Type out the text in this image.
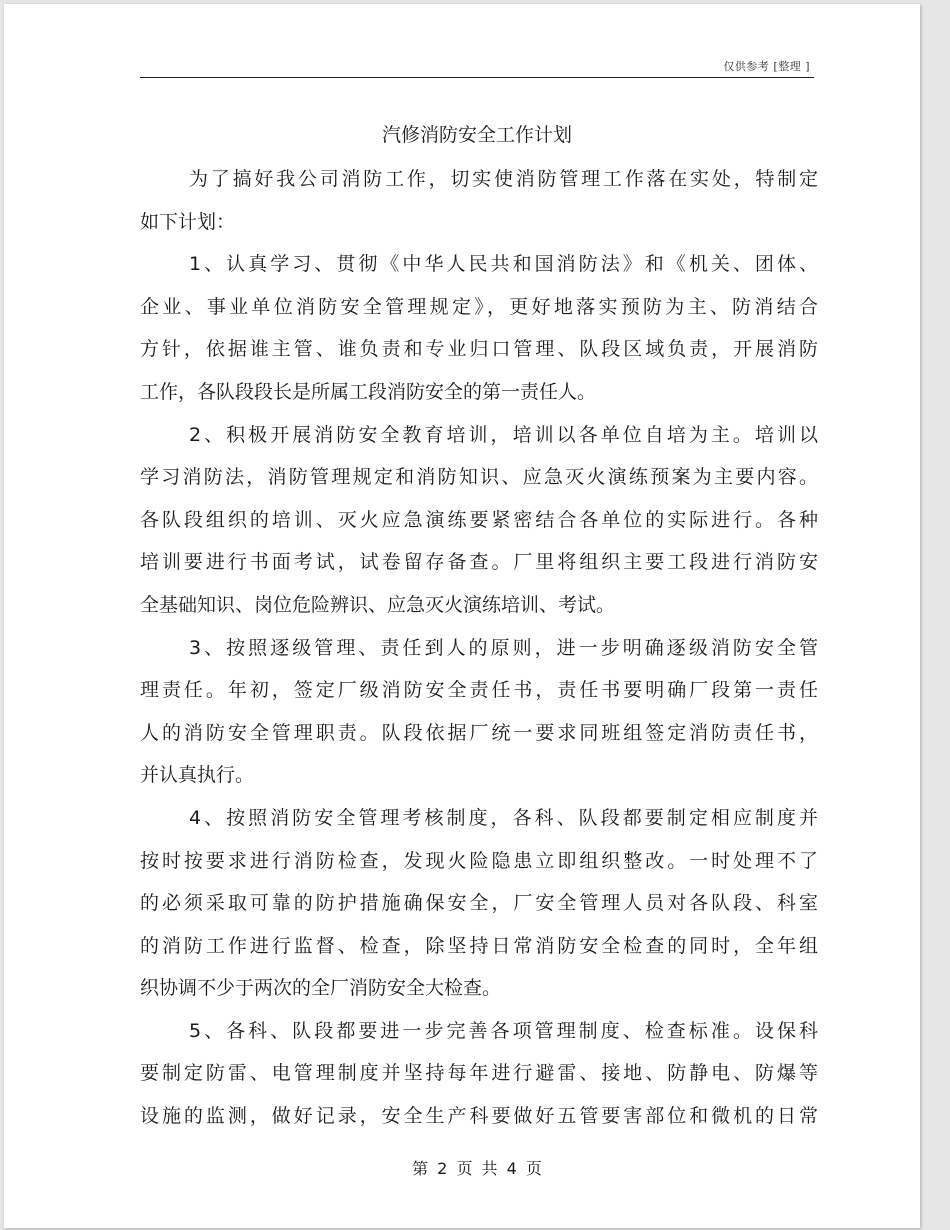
仅供参考 [整理 ]
汽修消防安全工作计划

为了搞好我公司消防工作，切实使消防管理工作落在实处，特制定
如下计划：

1、认真学习、贯彻《中华人民共和国消防法》和《机关、团体、
企业、事业单位消防安全管理规定》，更好地落实预防为主、防消结合
方针，依据谁主管、谁负责和专业归口管理、队段区域负责，开展消防
工作，各队段段长是所属工段消防安全的第一责任人。

2、积极开展消防安全教育培训，培训以各单位自培为主。培训以
学习消防法，消防管理规定和消防知识、应急灭火演练预案为主要内容。
各队段组织的培训、灭火应急演练要紧密结合各单位的实际进行。各种
培训要进行书面考试，试卷留存备查。厂里将组织主要工段进行消防安
全基础知识、岗位危险辨识、应急灭火演练培训、考试。

3、按照逐级管理、责任到人的原则，进一步明确逐级消防安全管
理责任。年初，签定厂级消防安全责任书，责任书要明确厂段第一责任
人的消防安全管理职责。队段依据厂统一要求同班组签定消防责任书，
并认真执行。

4、按照消防安全管理考核制度，各科、队段都要制定相应制度并
按时按要求进行消防检查，发现火险隐患立即组织整改。一时处理不了
的必须采取可靠的防护措施确保安全，厂安全管理人员对各队段、科室
的消防工作进行监督、检查，除坚持日常消防安全检查的同时，全年组
织协调不少于两次的全厂消防安全大检查。

5、各科、队段都要进一步完善各项管理制度、检查标准。设保科
要制定防雷、电管理制度并坚持每年进行避雷、接地、防静电、防爆等
设施的监测，做好记录，安全生产科要做好五管要害部位和微机的日常

第 2 页 共 4 页
